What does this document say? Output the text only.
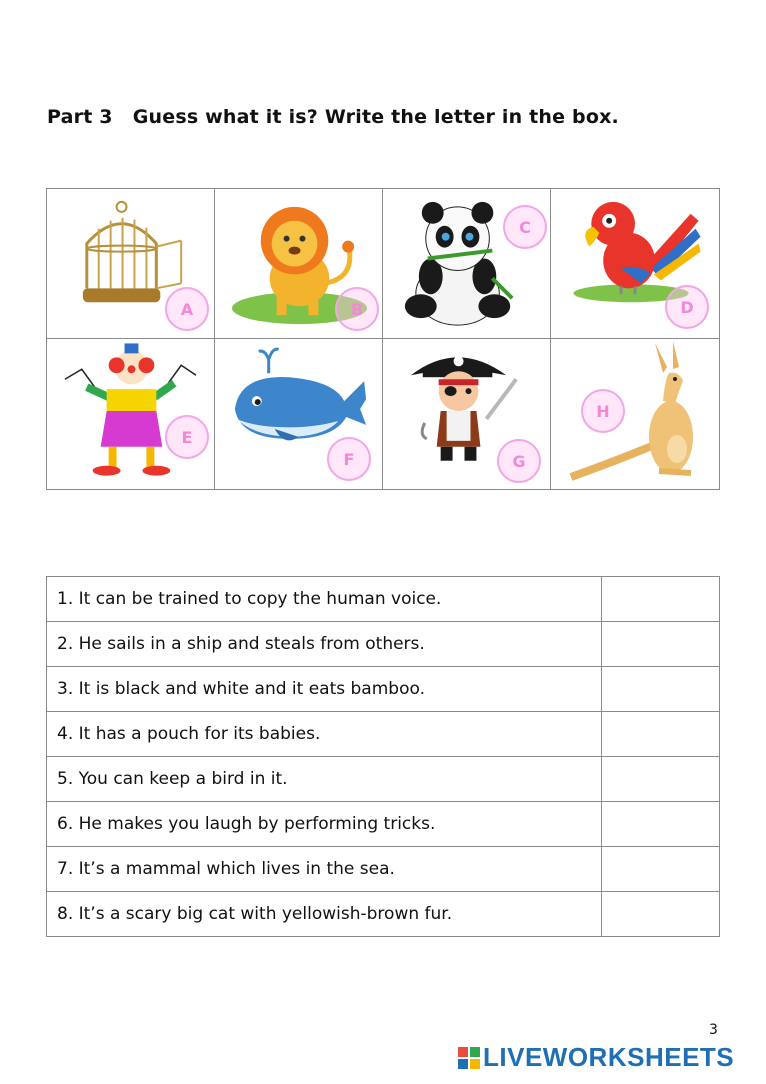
Part 3 Guess what it is? Write the letter in the box.
A	B
C
D
E
F	G
H
1. It can be trained to copy the human voice.	
2. He sails in a ship and steals from others.	
3. It is black and white and it eats bamboo.	
4. It has a pouch for its babies.	
5. You can keep a bird in it.	
6. He makes you laugh by performing tricks.	
7. It’s a mammal which lives in the sea.	
8. It’s a scary big cat with yellowish-brown fur.	
3
LIVEWORKSHEETS
